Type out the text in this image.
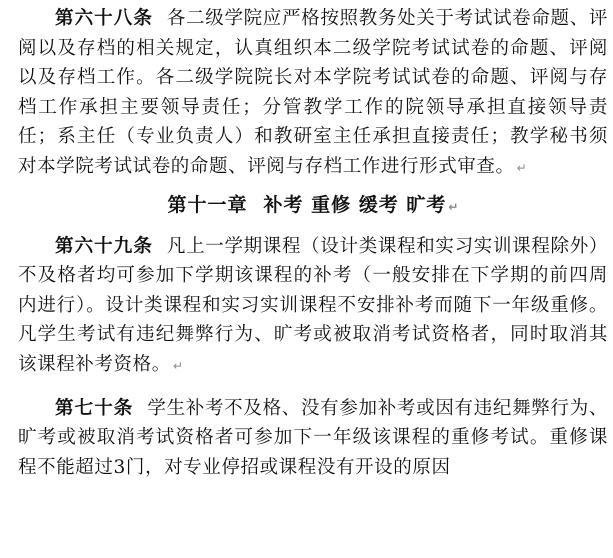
第六十八条 各二级学院应严格按照教务处关于考试试卷命题、评阅以及存档的相关规定，认真组织本二级学院考试试卷的命题、评阅以及存档工作。各二级学院院长对本学院考试试卷的命题、评阅与存档工作承担主要领导责任；分管教学工作的院领导承担直接领导责任；系主任（专业负责人）和教研室主任承担直接责任；教学秘书须对本学院考试试卷的命题、评阅与存档工作进行形式审查。 ↵

第十一章 补考 重修 缓考 旷考 ↵

第六十九条 凡上一学期课程（设计类课程和实习实训课程除外）不及格者均可参加下学期该课程的补考（一般安排在下学期的前四周内进行）。设计类课程和实习实训课程不安排补考而随下一年级重修。凡学生考试有违纪舞弊行为、旷考或被取消考试资格者，同时取消其该课程补考资格。 ↵

第七十条 学生补考不及格、没有参加补考或因有违纪舞弊行为、旷考或被取消考试资格者可参加下一年级该课程的重修考试。重修课程不能超过3门，对专业停招或课程没有开设的原因
